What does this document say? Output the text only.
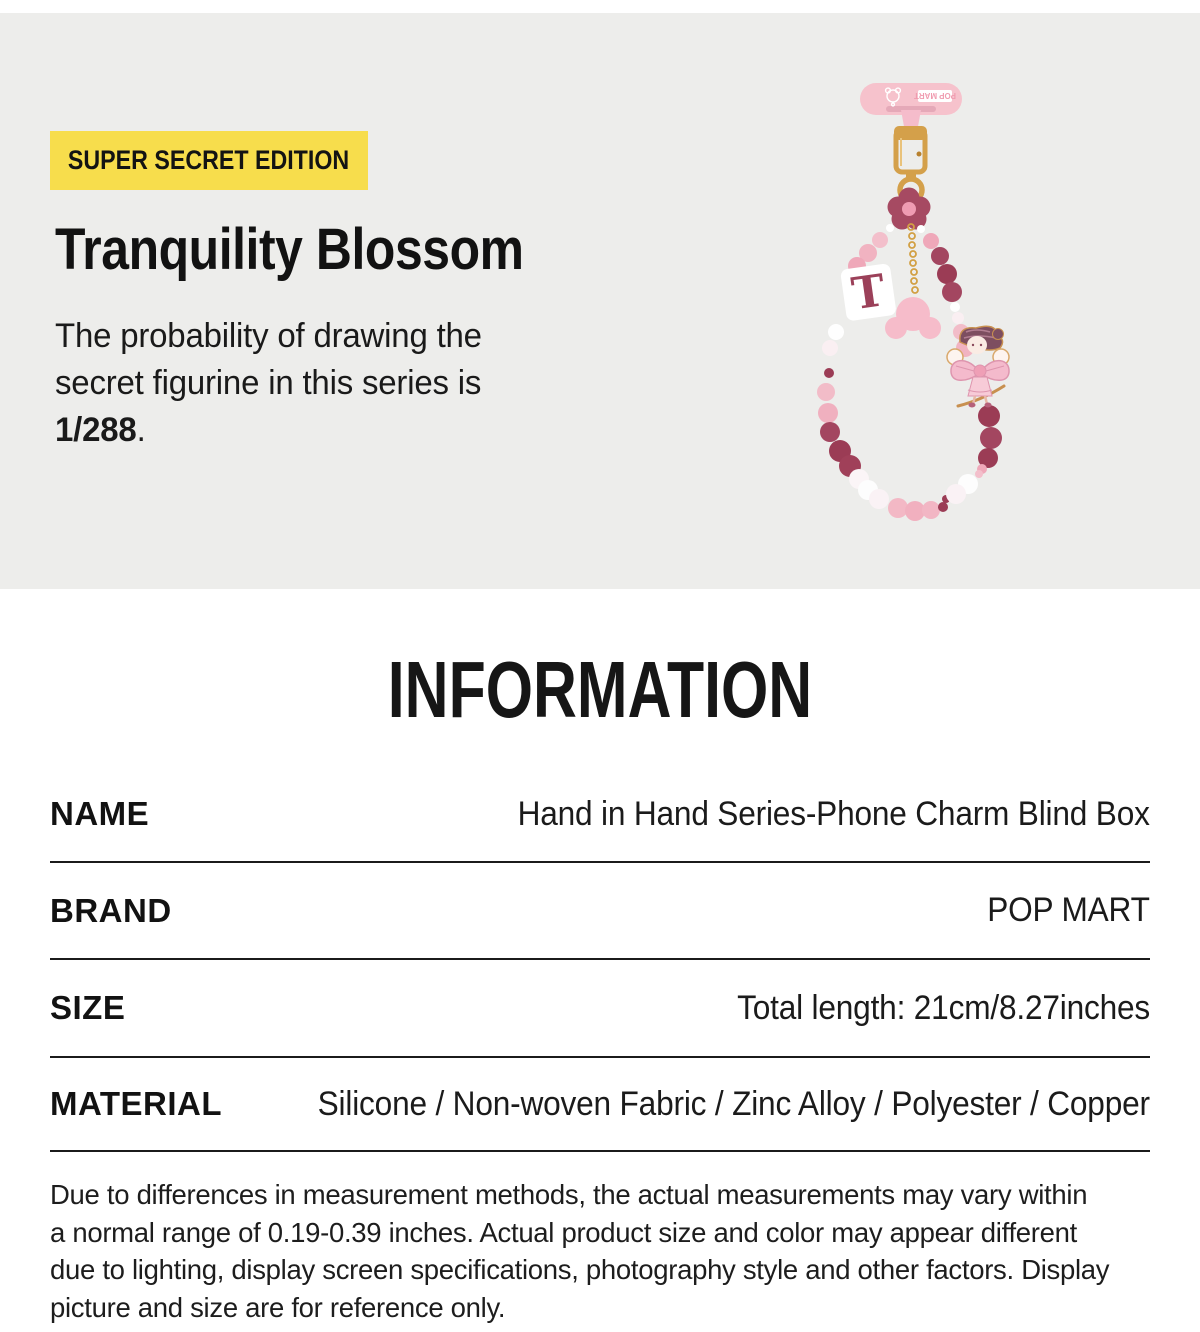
SUPER SECRET EDITION
Tranquility Blossom
The probability of drawing the
secret figurine in this series is
1/288.
POP MART
T
INFORMATION
NAME	Hand in Hand Series-Phone Charm Blind Box
BRAND	POP MART
SIZE	Total length: 21cm/8.27inches
MATERIAL	Silicone / Non-woven Fabric / Zinc Alloy / Polyester / Copper
Due to differences in measurement methods, the actual measurements may vary within
a normal range of 0.19-0.39 inches. Actual product size and color may appear different
due to lighting, display screen specifications, photography style and other factors. Display
picture and size are for reference only.
